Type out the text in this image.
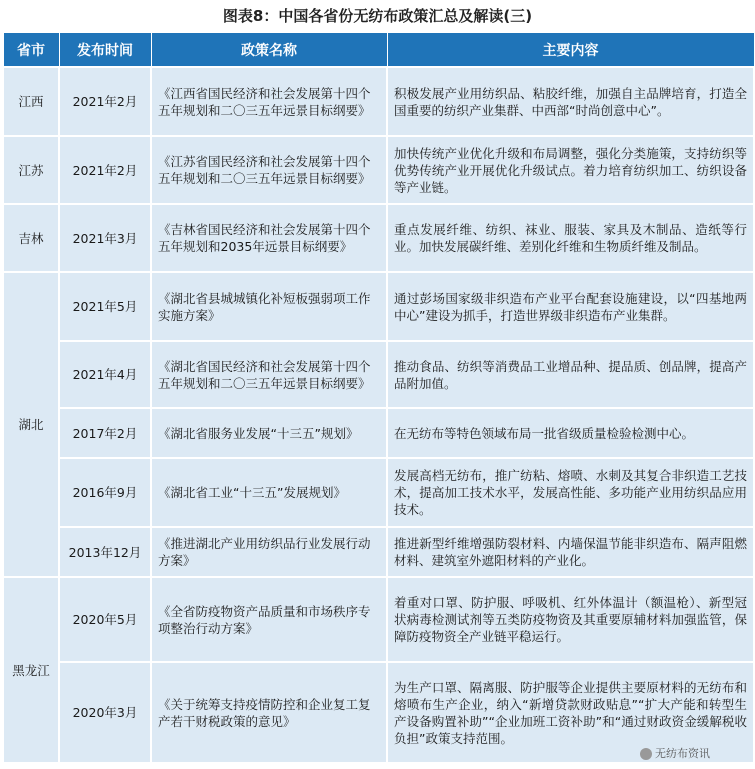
图表8：中国各省份无纺布政策汇总及解读(三)
省市	发布时间	政策名称	主要内容
江西	2021年2月	《江西省国民经济和社会发展第十四个五年规划和二〇三五年远景目标纲要》	积极发展产业用纺织品、粘胶纤维，加强自主品牌培育，打造全国重要的纺织产业集群、中西部“时尚创意中心”。
江苏	2021年2月	《江苏省国民经济和社会发展第十四个五年规划和二〇三五年远景目标纲要》	加快传统产业优化升级和布局调整，强化分类施策，支持纺织等优势传统产业开展优化升级试点。着力培育纺织加工、纺织设备等产业链。
吉林	2021年3月	《吉林省国民经济和社会发展第十四个五年规划和2035年远景目标纲要》	重点发展纤维、纺织、袜业、服装、家具及木制品、造纸等行业。加快发展碳纤维、差别化纤维和生物质纤维及制品。
湖北	2021年5月	《湖北省县城城镇化补短板强弱项工作实施方案》	通过彭场国家级非织造布产业平台配套设施建设，以“四基地两中心”建设为抓手，打造世界级非织造布产业集群。
	2021年4月	《湖北省国民经济和社会发展第十四个五年规划和二〇三五年远景目标纲要》	推动食品、纺织等消费品工业增品种、提品质、创品牌，提高产品附加值。
	2017年2月	《湖北省服务业发展“十三五”规划》	在无纺布等特色领域布局一批省级质量检验检测中心。
	2016年9月	《湖北省工业“十三五”发展规划》	发展高档无纺布，推广纺粘、熔喷、水刺及其复合非织造工艺技术，提高加工技术水平，发展高性能、多功能产业用纺织品应用技术。
	2013年12月	《推进湖北产业用纺织品行业发展行动方案》	推进新型纤维增强防裂材料、内墙保温节能非织造布、隔声阻燃材料、建筑室外遮阳材料的产业化。
黑龙江	2020年5月	《全省防疫物资产品质量和市场秩序专项整治行动方案》	着重对口罩、防护服、呼吸机、红外体温计（额温枪）、新型冠状病毒检测试剂等五类防疫物资及其重要原辅材料加强监管，保障防疫物资全产业链平稳运行。
	2020年3月	《关于统筹支持疫情防控和企业复工复产若干财税政策的意见》	为生产口罩、隔离服、防护服等企业提供主要原材料的无纺布和熔喷布生产企业，纳入“新增贷款财政贴息”“扩大产能和转型生产设备购置补助”“企业加班工资补助”和“通过财政资金缓解税收负担”政策支持范围。
无纺布资讯
